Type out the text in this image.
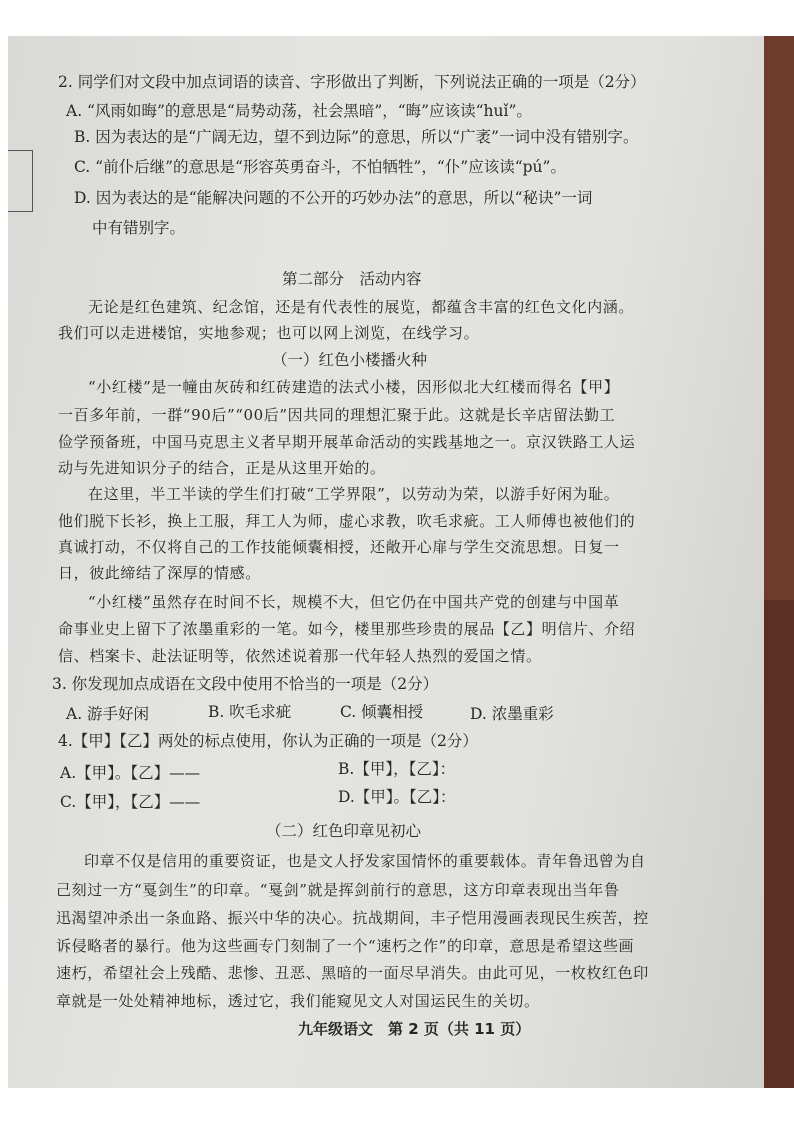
2. 同学们对文段中加点词语的读音、字形做出了判断，下列说法正确的一项是（2分）
A. “风雨如晦”的意思是“局势动荡，社会黑暗”，“晦”应该读“huǐ”。
B. 因为表达的是“广阔无边，望不到边际”的意思，所以“广袤”一词中没有错别字。
C. “前仆后继”的意思是“形容英勇奋斗，不怕牺牲”，“仆”应该读“pú”。
D. 因为表达的是“能解决问题的不公开的巧妙办法”的意思，所以“秘诀”一词
中有错别字。
第二部分　活动内容
无论是红色建筑、纪念馆，还是有代表性的展览，都蕴含丰富的红色文化内涵。
我们可以走进楼馆，实地参观；也可以网上浏览，在线学习。
（一）红色小楼播火种
“小红楼”是一幢由灰砖和红砖建造的法式小楼，因形似北大红楼而得名【甲】
一百多年前，一群“90后”“00后”因共同的理想汇聚于此。这就是长辛店留法勤工
俭学预备班，中国马克思主义者早期开展革命活动的实践基地之一。京汉铁路工人运
动与先进知识分子的结合，正是从这里开始的。
在这里，半工半读的学生们打破“工学界限”，以劳动为荣，以游手好闲为耻。
他们脱下长衫，换上工服，拜工人为师，虚心求教，吹毛求疵。工人师傅也被他们的
真诚打动，不仅将自己的工作技能倾囊相授，还敞开心扉与学生交流思想。日复一
日，彼此缔结了深厚的情感。
“小红楼”虽然存在时间不长，规模不大，但它仍在中国共产党的创建与中国革
命事业史上留下了浓墨重彩的一笔。如今，楼里那些珍贵的展品【乙】明信片、介绍
信、档案卡、赴法证明等，依然述说着那一代年轻人热烈的爱国之情。
3. 你发现加点成语在文段中使用不恰当的一项是（2分）
A. 游手好闲	B. 吹毛求疵	C. 倾囊相授	D. 浓墨重彩
4.【甲】【乙】两处的标点使用，你认为正确的一项是（2分）
A.【甲】。【乙】——	B.【甲】，【乙】：
C.【甲】，【乙】——	D.【甲】。【乙】：
（二）红色印章见初心
印章不仅是信用的重要资证，也是文人抒发家国情怀的重要载体。青年鲁迅曾为自
己刻过一方“戛剑生”的印章。“戛剑”就是挥剑前行的意思，这方印章表现出当年鲁
迅渴望冲杀出一条血路、振兴中华的决心。抗战期间，丰子恺用漫画表现民生疾苦，控
诉侵略者的暴行。他为这些画专门刻制了一个“速朽之作”的印章，意思是希望这些画
速朽，希望社会上残酷、悲惨、丑恶、黑暗的一面尽早消失。由此可见，一枚枚红色印
章就是一处处精神地标，透过它，我们能窥见文人对国运民生的关切。
九年级语文　第 2 页（共 11 页）
